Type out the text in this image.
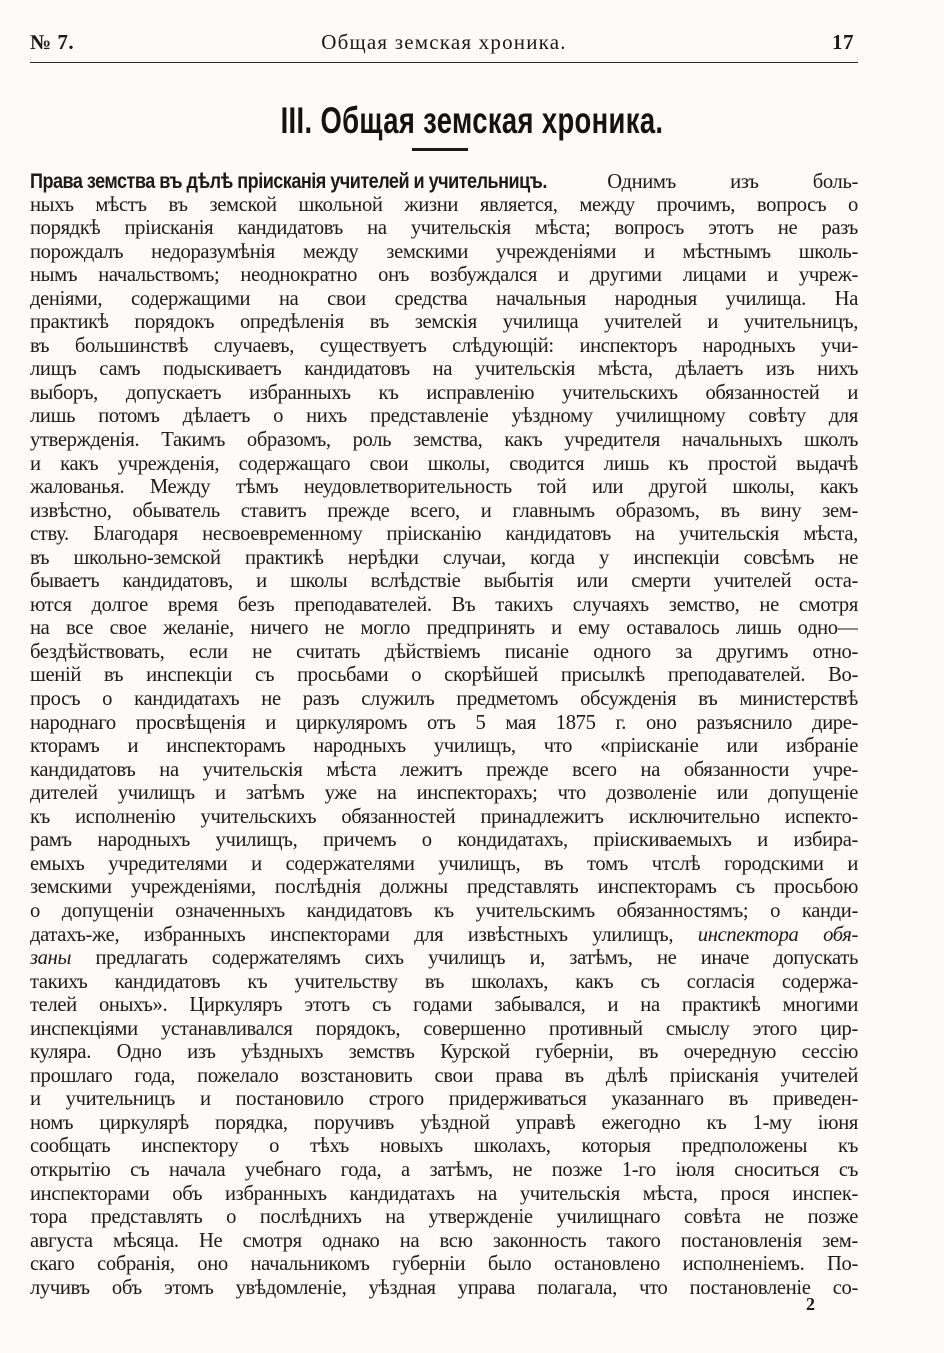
№ 7.	Общая земская хроника.	17
III. Общая земская хроника.
Права земства въ дѣлѣ прiисканiя учителей и учительницъ. Однимъ изъ боль-
ныхъ мѣстъ въ земской школьной жизни является, между прочимъ, вопросъ о
порядкѣ прiисканiя кандидатовъ на учительскiя мѣста; вопросъ этотъ не разъ
порождалъ недоразумѣнiя между земскими учрежденiями и мѣстнымъ школь-
нымъ начальствомъ; неоднократно онъ возбуждался и другими лицами и учреж-
денiями, содержащими на свои средства начальныя народныя училища. На
практикѣ порядокъ опредѣленiя въ земскiя училища учителей и учительницъ,
въ большинствѣ случаевъ, существуетъ слѣдующiй: инспекторъ народныхъ учи-
лищъ самъ подыскиваетъ кандидатовъ на учительскiя мѣста, дѣлаетъ изъ нихъ
выборъ, допускаетъ избранныхъ къ исправленiю учительскихъ обязанностей и
лишь потомъ дѣлаетъ о нихъ представленiе уѣздному училищному совѣту для
утвержденiя. Такимъ образомъ, роль земства, какъ учредителя начальныхъ школъ
и какъ учрежденiя, содержащаго свои школы, сводится лишь къ простой выдачѣ
жалованья. Между тѣмъ неудовлетворительность той или другой школы, какъ
извѣстно, обыватель ставитъ прежде всего, и главнымъ образомъ, въ вину зем-
ству. Благодаря несвоевременному прiисканiю кандидатовъ на учительскiя мѣста,
въ школьно-земской практикѣ нерѣдки случаи, когда у инспекцiи совсѣмъ не
бываетъ кандидатовъ, и школы вслѣдствiе выбытiя или смерти учителей оста-
ются долгое время безъ преподавателей. Въ такихъ случаяхъ земство, не смотря
на все свое желанiе, ничего не могло предпринять и ему оставалось лишь одно—
бездѣйствовать, если не считать дѣйствiемъ писанiе одного за другимъ отно-
шенiй въ инспекцiи съ просьбами о скорѣйшей присылкѣ преподавателей. Во-
просъ о кандидатахъ не разъ служилъ предметомъ обсужденiя въ министерствѣ
народнаго просвѣщенiя и циркуляромъ отъ 5 мая 1875 г. оно разъяснило дире-
кторамъ и инспекторамъ народныхъ училищъ, что «прiисканiе или избранiе
кандидатовъ на учительскiя мѣста лежитъ прежде всего на обязанности учре-
дителей училищъ и затѣмъ уже на инспекторахъ; что дозволенiе или допущенiе
къ исполненiю учительскихъ обязанностей принадлежитъ исключительно испекто-
рамъ народныхъ училищъ, причемъ о кондидатахъ, прiискиваемыхъ и избира-
емыхъ учредителями и содержателями училищъ, въ томъ чтслѣ городскими и
земскими учрежденiями, послѣднiя должны представлять инспекторамъ съ просьбою
о допущенiи означенныхъ кандидатовъ къ учительскимъ обязанностямъ; о канди-
датахъ-же, избранныхъ инспекторами для извѣстныхъ улилищъ, инспектора обя-
заны предлагать содержателямъ сихъ училищъ и, затѣмъ, не иначе допускать
такихъ кандидатовъ къ учительству въ школахъ, какъ съ согласiя содержа-
телей оныхъ». Циркуляръ этотъ съ годами забывался, и на практикѣ многими
инспекцiями устанавливался порядокъ, совершенно противный смыслу этого цир-
куляра. Одно изъ уѣздныхъ земствъ Курской губернiи, въ очередную сессiю
прошлаго года, пожелало возстановить свои права въ дѣлѣ прiисканiя учителей
и учительницъ и постановило строго придерживаться указаннаго въ приведен-
номъ циркулярѣ порядка, поручивъ уѣздной управѣ ежегодно къ 1-му iюня
сообщать инспектору о тѣхъ новыхъ школахъ, которыя предположены къ
открытiю съ начала учебнаго года, а затѣмъ, не позже 1-го iюля сноситься съ
инспекторами объ избранныхъ кандидатахъ на учительскiя мѣста, прося инспек-
тора представлять о послѣднихъ на утвержденiе училищнаго совѣта не позже
августа мѣсяца. Не смотря однако на всю законность такого постановленiя зем-
скаго собранiя, оно начальникомъ губернiи было остановлено исполненiемъ. По-
лучивъ объ этомъ увѣдомленiе, уѣздная управа полагала, что постановленiе со-
2
